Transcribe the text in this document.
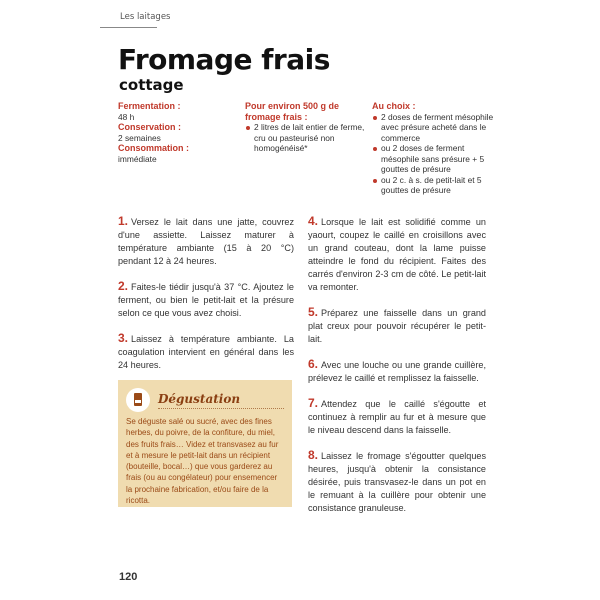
Les laitages
Fromage frais
cottage
Fermentation :
48 h
Conservation :
2 semaines
Consommation :
immédiate
Pour environ 500 g de fromage frais :
2 litres de lait entier de ferme, cru ou pasteurisé non homogénéisé*
Au choix :
2 doses de ferment mésophile avec présure acheté dans le commerce
ou 2 doses de ferment mésophile sans présure + 5 gouttes de présure
ou 2 c. à s. de petit-lait et 5 gouttes de présure

1. Versez le lait dans une jatte, couvrez d'une assiette. Laissez maturer à température ambiante (15 à 20 °C) pendant 12 à 24 heures.

2. Faites-le tiédir jusqu'à 37 °C. Ajoutez le ferment, ou bien le petit-lait et la présure selon ce que vous avez choisi.

3. Laissez à température ambiante. La coagulation intervient en général dans les 24 heures.

4. Lorsque le lait est solidifié comme un yaourt, coupez le caillé en croisillons avec un grand couteau, dont la lame puisse atteindre le fond du récipient. Faites des carrés d'environ 2-3 cm de côté. Le petit-lait va remonter.

5. Préparez une faisselle dans un grand plat creux pour pouvoir récupérer le petit-lait.

6. Avec une louche ou une grande cuillère, prélevez le caillé et remplissez la faisselle.

7. Attendez que le caillé s'égoutte et continuez à remplir au fur et à mesure que le niveau descend dans la faisselle.

8. Laissez le fromage s'égoutter quelques heures, jusqu'à obtenir la consistance désirée, puis transvasez-le dans un pot en le remuant à la cuillère pour obtenir une consistance granuleuse.

Dégustation
Se déguste salé ou sucré, avec des fines herbes, du poivre, de la confiture, du miel, des fruits frais… Videz et transvasez au fur et à mesure le petit-lait dans un récipient (bouteille, bocal…) que vous garderez au frais (ou au congélateur) pour ensemencer la prochaine fabrication, et/ou faire de la ricotta.
120
